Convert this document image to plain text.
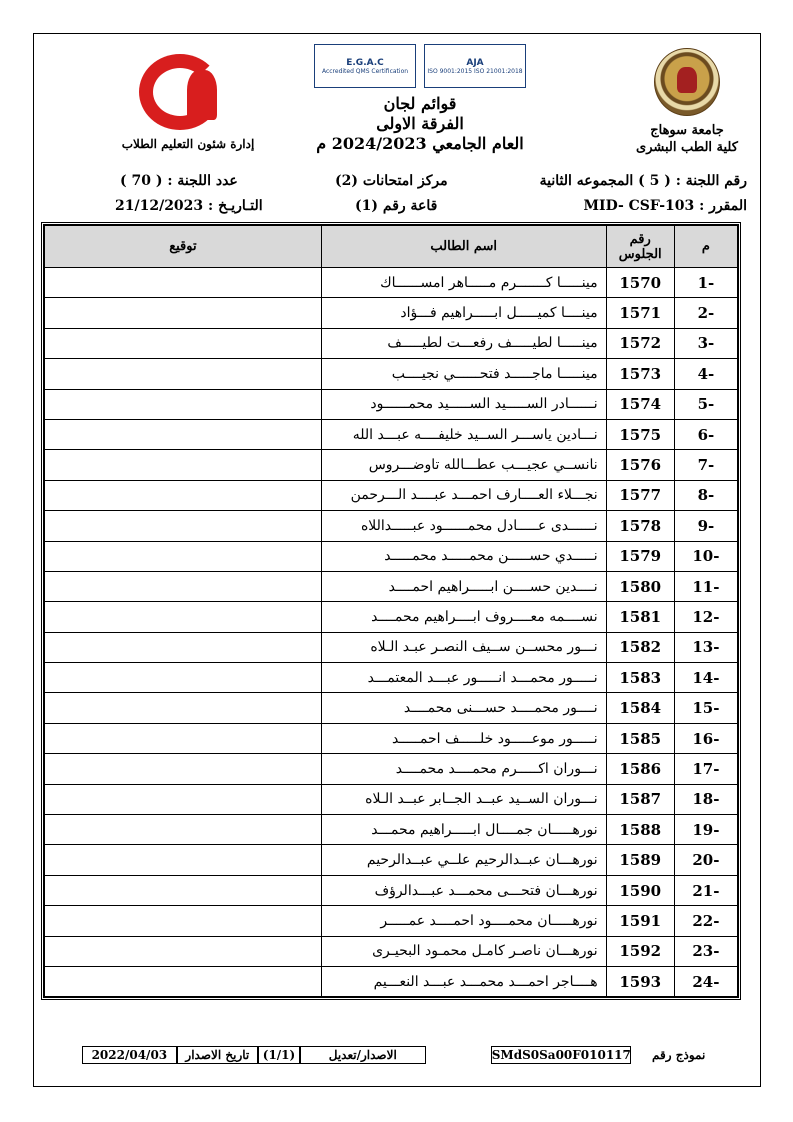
جامعة سوهاج
كلية الطب البشرى
إدارة شئون التعليم الطلاب
E.G.A.C
Accredited QMS Certification
AJA
ISO 9001:2015 ISO 21001:2018
قوائم لجان
الفرقة الاولى
العام الجامعي 2024/2023 م
رقم اللجنة : ( 5 ) المجموعه الثانية
مركز امتحانات (2)
عدد اللجنة : ( 70 )
المقرر : MID- CSF-103
قاعة رقم (1)
التـاريـخ : 21/12/2023
م	رقم الجلوس	اسم الطالب	توقيع
-1	1570	مينـــــا كـــــــرم مـــــاهر امســــــاك	
-2	1571	مينــــا كميـــــل ابـــــراهيم فـــؤاد	
-3	1572	مينـــــا لطيـــــف رفعـــت لطيـــــف	
-4	1573	مينـــــا ماجـــــد فتحــــــي نجيــــب	
-5	1574	نــــــادر الســـــيد الســـــيد محمــــــود	
-6	1575	نـــادين ياســـر الســيد خليفــــه عبـــد الله	
-7	1576	نانســي عجيـــب عطـــالله تاوضـــروس	
-8	1577	نجـــلاء العــــارف احمـــد عبــــد الـــرحمن	
-9	1578	نــــــدى عـــــادل محمــــــود عبـــــداللاه	
-10	1579	نـــــدي حســـــن محمـــــد محمـــــد	
-11	1580	نــــدين حســــن ابـــــراهيم احمــــد	
-12	1581	نســــمه معــــروف ابــــراهيم محمــــد	
-13	1582	نـــور محســن ســيف النصـر عبـد الـلاه	
-14	1583	نـــــور محمـــد انـــــور عبـــد المعتمـــد	
-15	1584	نــــور محمــــد حســـنى محمــــد	
-16	1585	نـــــور موعـــــود خلـــــف احمـــــد	
-17	1586	نـــوران اكـــــرم محمــــد محمــــد	
-18	1587	نـــوران الســيد عبــد الجــابر عبــد الـلاه	
-19	1588	نورهـــــان جمــــال ابـــــراهيم محمـــد	
-20	1589	نورهـــان عبــدالرحيم علــي عبــدالرحيم	
-21	1590	نورهـــان فتحـــى محمـــد عبـــدالرؤف	
-22	1591	نورهـــــان محمــــود احمــــد عمـــــر	
-23	1592	نورهـــان ناصـر كامـل محمـود البحيـرى	
-24	1593	هــــاجر احمـــد محمـــد عبـــد النعـــيم	
نموذج رقم
SMdS0Sa00F010117
الاصدار/تعديل
(1/1)
تاريخ الاصدار
2022/04/03
